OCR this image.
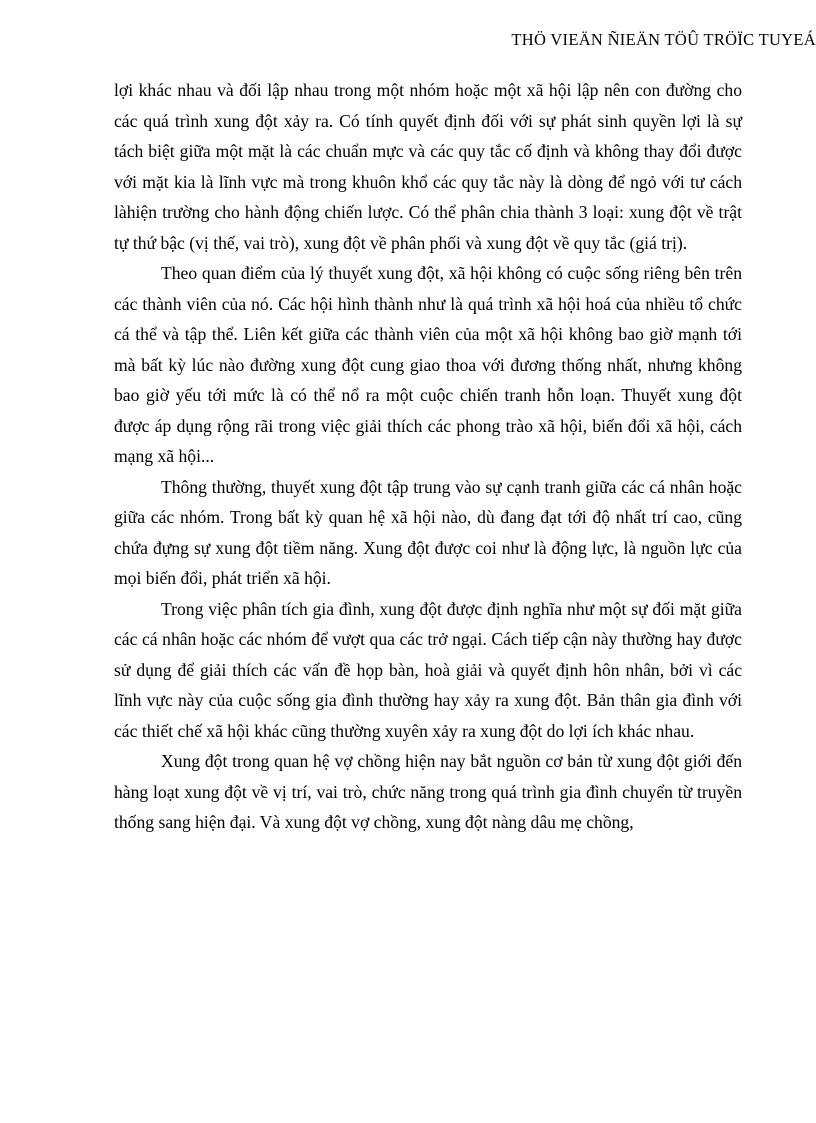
THÖ VIEÄN ÑIEÄN TÖÛ TRÖÏC TUYEÁ

lợi khác nhau và đối lập nhau trong một nhóm hoặc một xã hội lập nên con đường cho các quá trình xung đột xảy ra. Có tính quyết định đối với sự phát sinh quyền lợi là sự tách biệt giữa một mặt là các chuẩn mực và các quy tắc cố định và không thay đổi được với mặt kia là lĩnh vực mà trong khuôn khổ các quy tắc này là dòng để ngỏ với tư cách làhiện trường cho hành động chiến lược. Có thể phân chia thành 3 loại: xung đột về trật tự thứ bậc (vị thế, vai trò), xung đột về phân phối và xung đột về quy tắc (giá trị).

Theo quan điểm của lý thuyết xung đột, xã hội không có cuộc sống riêng bên trên các thành viên của nó. Các hội hình thành như là quá trình xã hội hoá của nhiều tổ chức cá thể và tập thể. Liên kết giữa các thành viên của một xã hội không bao giờ mạnh tới mà bất kỳ lúc nào đường xung đột cung giao thoa với đương thống nhất, nhưng không bao giờ yếu tới mức là có thể nổ ra một cuộc chiến tranh hỗn loạn. Thuyết xung đột được áp dụng rộng rãi trong việc giải thích các phong trào xã hội, biến đổi xã hội, cách mạng xã hội...

Thông thường, thuyết xung đột tập trung vào sự cạnh tranh giữa các cá nhân hoặc giữa các nhóm. Trong bất kỳ quan hệ xã hội nào, dù đang đạt tới độ nhất trí cao, cũng chứa đựng sự xung đột tiềm năng. Xung đột được coi như là động lực, là nguồn lực của mọi biến đổi, phát triển xã hội.

Trong việc phân tích gia đình, xung đột được định nghĩa như một sự đối mặt giữa các cá nhân hoặc các nhóm để vượt qua các trở ngại. Cách tiếp cận này thường hay được sử dụng để giải thích các vấn đề họp bàn, hoà giải và quyết định hôn nhân, bởi vì các lĩnh vực này của cuộc sống gia đình thường hay xảy ra xung đột. Bản thân gia đình với các thiết chế xã hội khác cũng thường xuyên xảy ra xung đột do lợi ích khác nhau.

Xung đột trong quan hệ vợ chồng hiện nay bắt nguồn cơ bản từ xung đột giới đến hàng loạt xung đột về vị trí, vai trò, chức năng trong quá trình gia đình chuyển từ truyền thống sang hiện đại. Và xung đột vợ chồng, xung đột nàng dâu mẹ chồng,
